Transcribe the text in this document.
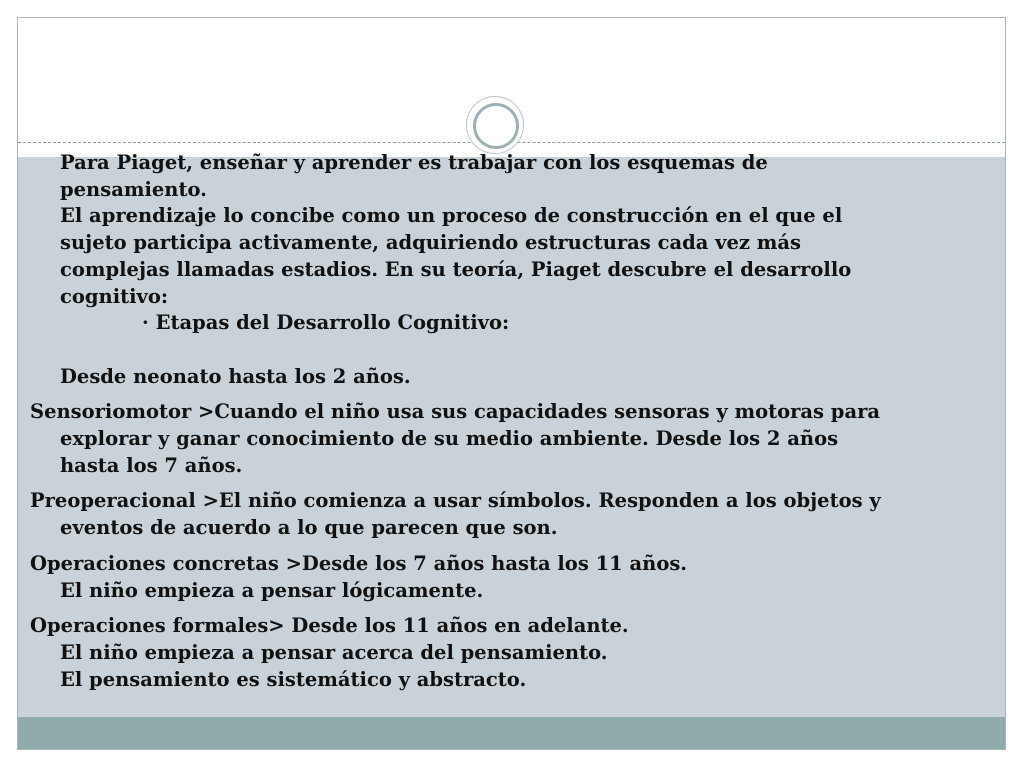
Para Piaget, enseñar y aprender es trabajar con los esquemas de

pensamiento.

El aprendizaje lo concibe como un proceso de construcción en el que el

sujeto participa activamente, adquiriendo estructuras cada vez más

complejas llamadas estadios. En su teoría, Piaget descubre el desarrollo

cognitivo:

· Etapas del Desarrollo Cognitivo:

Desde neonato hasta los 2 años.

Sensoriomotor >Cuando el niño usa sus capacidades sensoras y motoras para

explorar y ganar conocimiento de su medio ambiente. Desde los 2 años

hasta los 7 años.

Preoperacional >El niño comienza a usar símbolos. Responden a los objetos y

eventos de acuerdo a lo que parecen que son.

Operaciones concretas >Desde los 7 años hasta los 11 años.

El niño empieza a pensar lógicamente.

Operaciones formales> Desde los 11 años en adelante.

El niño empieza a pensar acerca del pensamiento.

El pensamiento es sistemático y abstracto.
